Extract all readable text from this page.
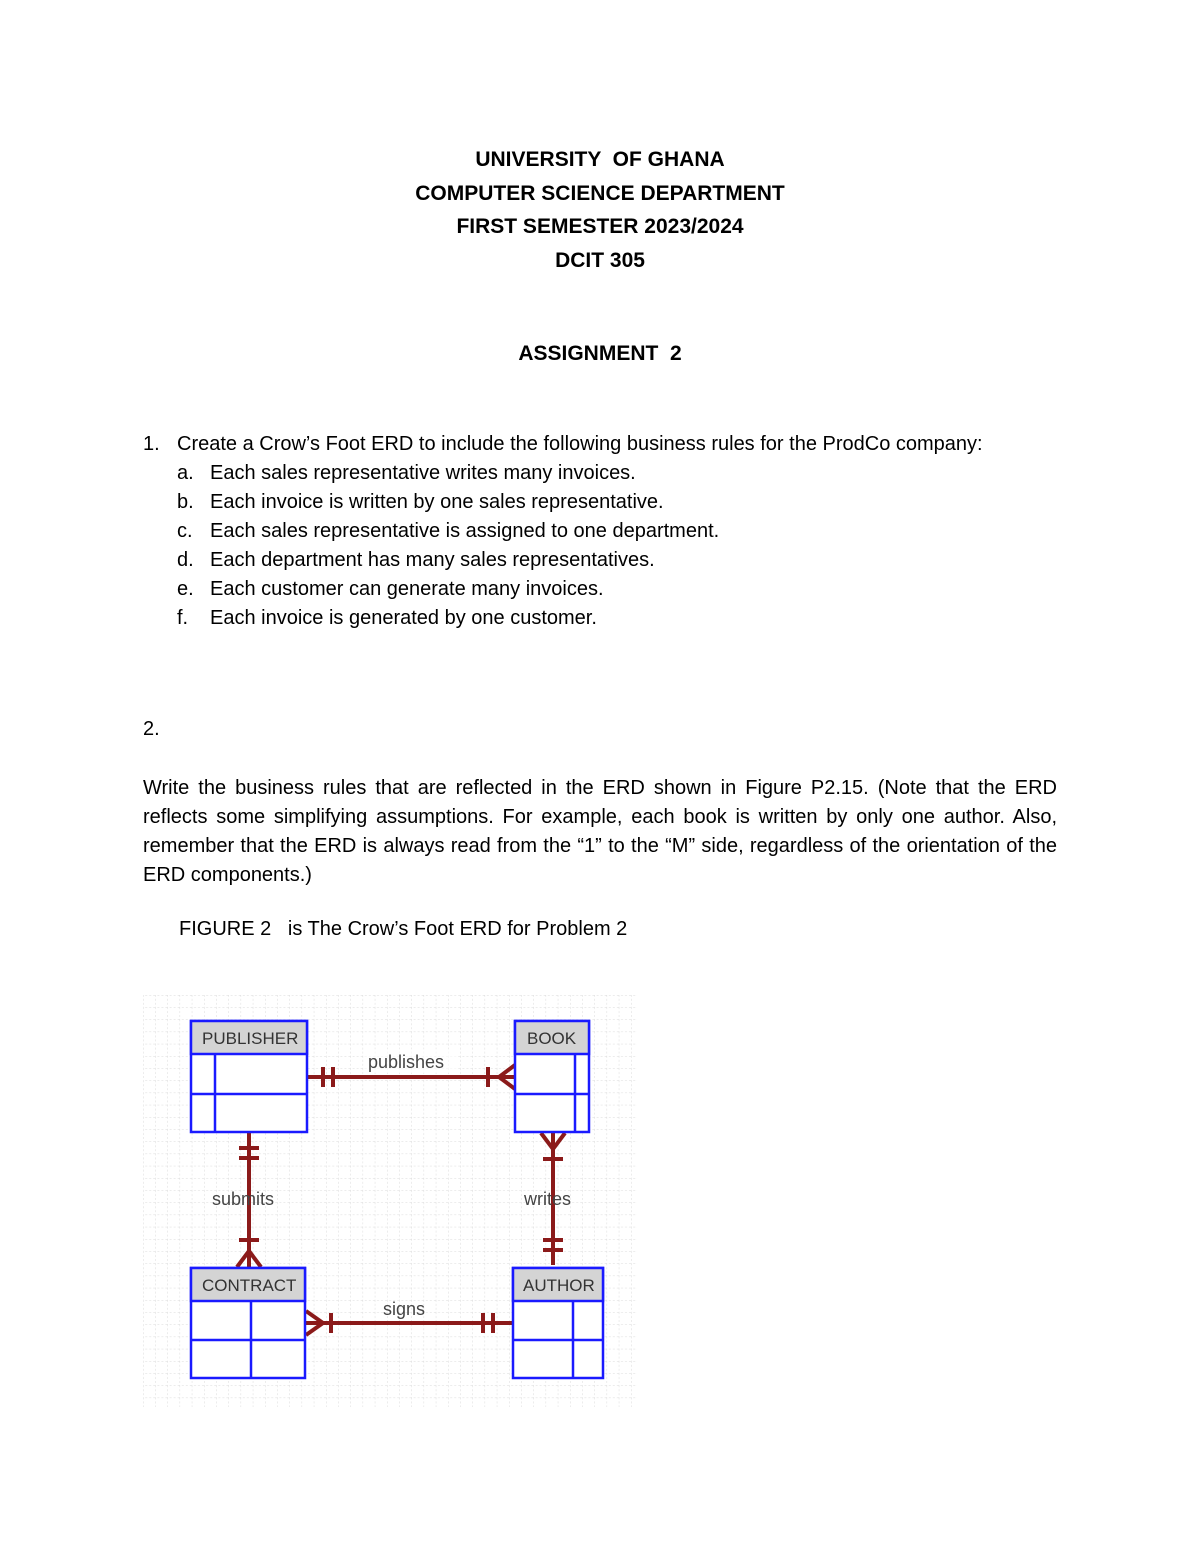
UNIVERSITY  OF GHANA
COMPUTER SCIENCE DEPARTMENT
FIRST SEMESTER 2023/2024
DCIT 305
ASSIGNMENT  2
1. Create a Crow’s Foot ERD to include the following business rules for the ProdCo company:
a. Each sales representative writes many invoices.
b. Each invoice is written by one sales representative.
c. Each sales representative is assigned to one department.
d. Each department has many sales representatives.
e. Each customer can generate many invoices.
f. Each invoice is generated by one customer.
2.
Write the business rules that are reflected in the ERD shown in Figure P2.15. (Note that the ERD reflects some simplifying assumptions. For example, each book is written by only one author. Also, remember that the ERD is always read from the “1” to the “M” side, regardless of the orientation of the ERD components.)
FIGURE 2   is The Crow’s Foot ERD for Problem 2
publishes
submits	writes
signs
PUBLISHER	BOOK
CONTRACT	AUTHOR
